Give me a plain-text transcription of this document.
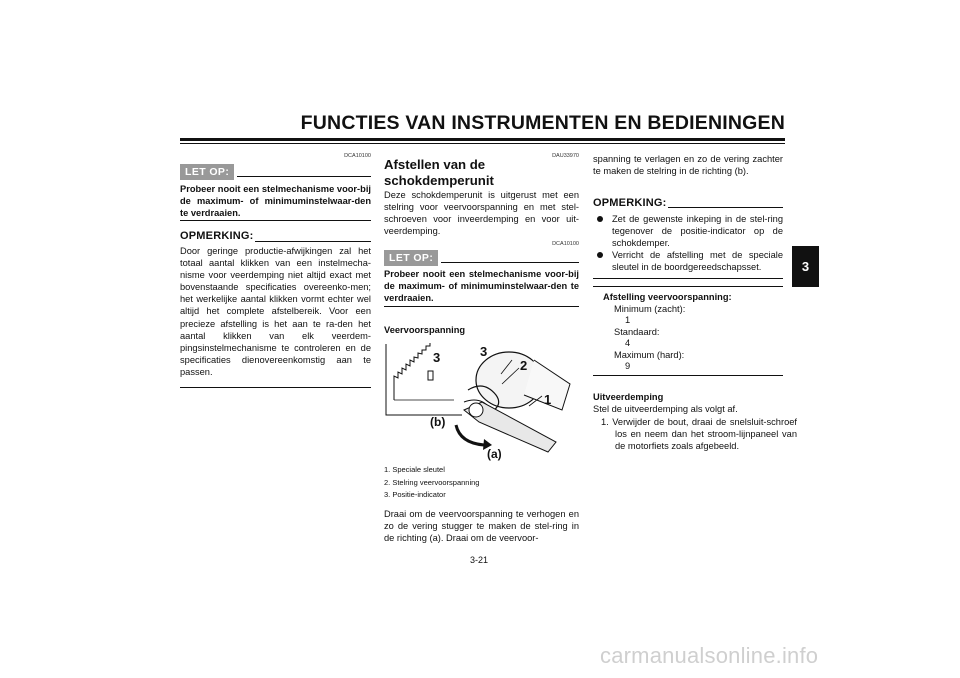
FUNCTIES VAN INSTRUMENTEN EN BEDIENINGEN
3
DCA10100
LET OP:
Probeer nooit een stelmechanisme voor-bij de maximum- of minimuminstelwaar-den te verdraaien.
OPMERKING:
Door geringe productie-afwijkingen zal het totaal aantal klikken van een instelmecha-nisme voor veerdemping niet altijd exact met bovenstaande specificaties overeenko-men; het werkelijke aantal klikken vormt echter wel altijd het complete afstelbereik. Voor een precieze afstelling is het aan te ra-den het aantal klikken van elk veerdem-pingsinstelmechanisme te controleren en de specificaties dienovereenkomstig aan te passen.
DAU33970
Afstellen van de
schokdemperunit
Deze schokdemperunit is uitgerust met een stelring voor veervoorspanning en met stel-schroeven voor inveerdemping en voor uit-veerdemping.
DCA10100
LET OP:
Probeer nooit een stelmechanisme voor-bij de maximum- of minimuminstelwaar-den te verdraaien.
Veervoorspanning
3	3
2
1
(b)
(a)
1. Speciale sleutel
2. Stelring veervoorspanning
3. Positie-indicator
Draai om de veervoorspanning te verhogen en zo de vering stugger te maken de stel-ring in de richting (a). Draai om de veervoor-
spanning te verlagen en zo de vering zachter te maken de stelring in de richting (b).
OPMERKING:
Zet de gewenste inkeping in de stel-ring tegenover de positie-indicator op de schokdemper.
Verricht de afstelling met de speciale sleutel in de boordgereedschapsset.
Afstelling veervoorspanning:
Minimum (zacht):
1
Standaard:
4
Maximum (hard):
9
Uitveerdemping
Stel de uitveerdemping als volgt af.
1. Verwijder de bout, draai de snelsluit-schroef los en neem dan het stroom-lijnpaneel van de motorfiets zoals afgebeeld.
3-21
carmanualsonline.info
